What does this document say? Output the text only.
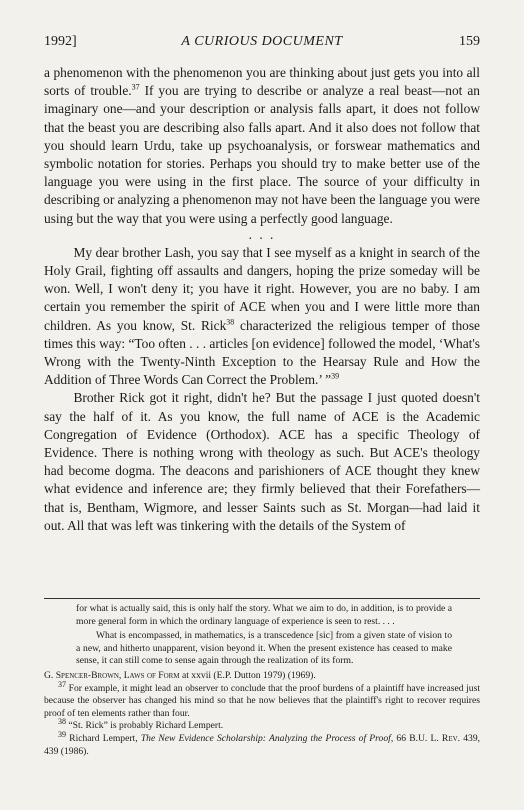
1992]	A CURIOUS DOCUMENT	159

a phenomenon with the phenomenon you are thinking about just gets you into all sorts of trouble.$^{37}$ If you are trying to describe or analyze a real beast—not an imaginary one—and your description or analysis falls apart, it does not follow that the beast you are describing also falls apart. And it also does not follow that you should learn Urdu, take up psychoanalysis, or forswear mathematics and symbolic notation for stories. Perhaps you should try to make better use of the language you were using in the first place. The source of your difficulty in describing or analyzing a phenomenon may not have been the language you were using but the way that you were using a perfectly good language.

. . .

My dear brother Lash, you say that I see myself as a knight in search of the Holy Grail, fighting off assaults and dangers, hoping the prize someday will be won. Well, I won't deny it; you have it right. However, you are no baby. I am certain you remember the spirit of ACE when you and I were little more than children. As you know, St. Rick$^{38}$ characterized the religious temper of those times this way: “Too often . . . articles [on evidence] followed the model, ‘What's Wrong with the Twenty-Ninth Exception to the Hearsay Rule and How the Addition of Three Words Can Correct the Problem.’ ”$^{39}$

Brother Rick got it right, didn't he? But the passage I just quoted doesn't say the half of it. As you know, the full name of ACE is the Academic Congregation of Evidence (Orthodox). ACE has a specific Theology of Evidence. There is nothing wrong with theology as such. But ACE's theology had become dogma. The deacons and parishioners of ACE thought they knew what evidence and inference are; they firmly believed that their Forefathers—that is, Bentham, Wigmore, and lesser Saints such as St. Morgan—had laid it out. All that was left was tinkering with the details of the System of

for what is actually said, this is only half the story. What we aim to do, in addition, is to provide a more general form in which the ordinary language of experience is seen to rest. . . .

What is encompassed, in mathematics, is a transcedence [sic] from a given state of vision to a new, and hitherto unapparent, vision beyond it. When the present existence has ceased to make sense, it can still come to sense again through the realization of its form.

G. Spencer-Brown, Laws of Form at xxvii (E.P. Dutton 1979) (1969).

$^{37}$ For example, it might lead an observer to conclude that the proof burdens of a plaintiff have increased just because the observer has changed his mind so that he now believes that the plaintiff's right to recover requires proof of ten elements rather than four.

$^{38}$ “St. Rick” is probably Richard Lempert.

$^{39}$ Richard Lempert, The New Evidence Scholarship: Analyzing the Process of Proof, 66 B.U. L. Rev. 439, 439 (1986).
